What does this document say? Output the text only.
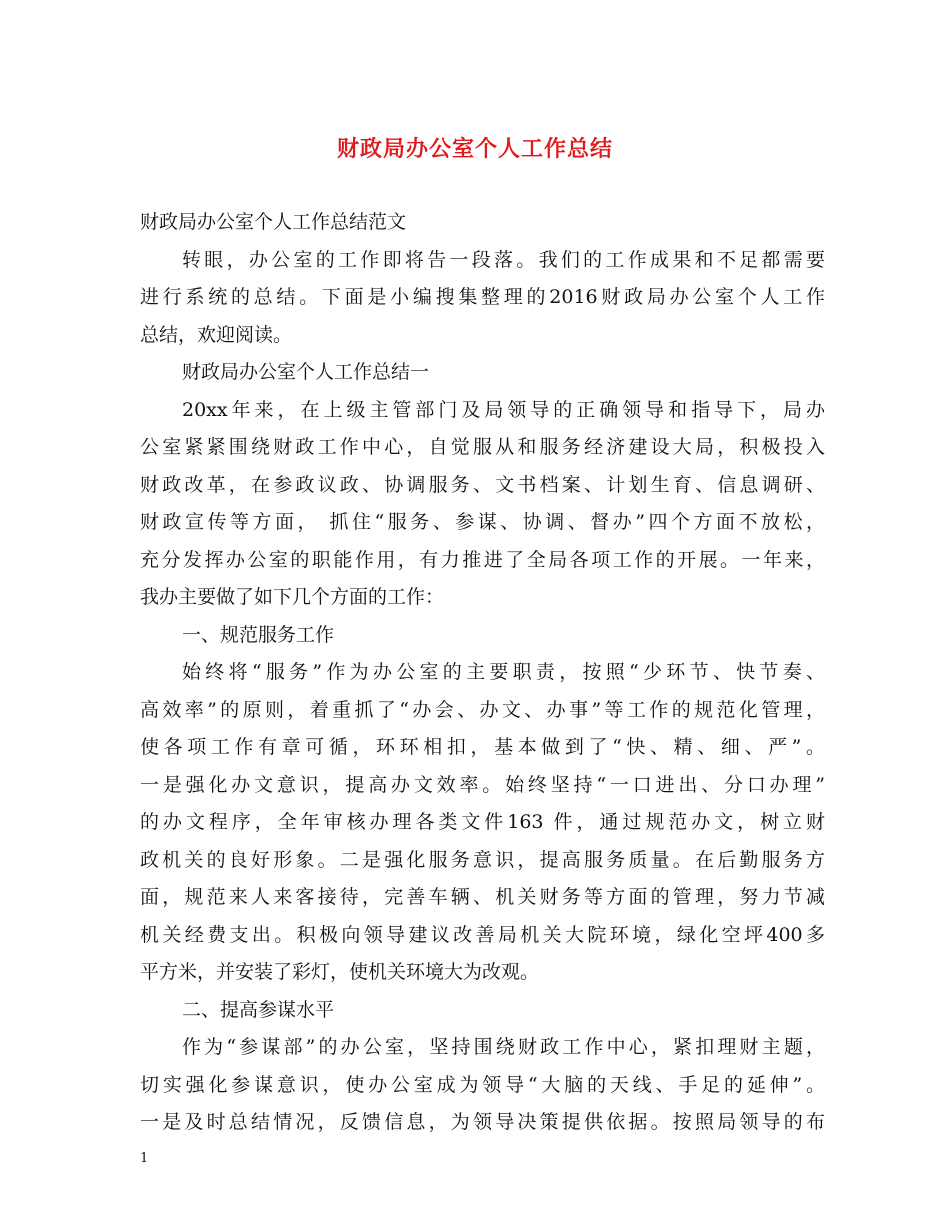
财政局办公室个人工作总结
财政局办公室个人工作总结范文
转眼，办公室的工作即将告一段落。我们的工作成果和不足都需要
进行系统的总结。下面是小编搜集整理的2016财政局办公室个人工作
总结，欢迎阅读。
财政局办公室个人工作总结一
20xx年来，在上级主管部门及局领导的正确领导和指导下，局办
公室紧紧围绕财政工作中心，自觉服从和服务经济建设大局，积极投入
财政改革，在参政议政、协调服务、文书档案、计划生育、信息调研、
财政宣传等方面， 抓住“服务、参谋、协调、督办”四个方面不放松，
充分发挥办公室的职能作用，有力推进了全局各项工作的开展。一年来，
我办主要做了如下几个方面的工作：
一、规范服务工作
始终将“服务”作为办公室的主要职责，按照“少环节、快节奏、
高效率”的原则，着重抓了“办会、办文、办事”等工作的规范化管理，
使各项工作有章可循，环环相扣，基本做到了“快、精、细、严”。
一是强化办文意识，提高办文效率。始终坚持“一口进出、分口办理”
的办文程序，全年审核办理各类文件163 件，通过规范办文，树立财
政机关的良好形象。二是强化服务意识，提高服务质量。在后勤服务方
面，规范来人来客接待，完善车辆、机关财务等方面的管理，努力节减
机关经费支出。积极向领导建议改善局机关大院环境，绿化空坪400多
平方米，并安装了彩灯，使机关环境大为改观。
二、提高参谋水平
作为“参谋部”的办公室，坚持围绕财政工作中心，紧扣理财主题，
切实强化参谋意识，使办公室成为领导“大脑的天线、手足的延伸”。
一是及时总结情况，反馈信息，为领导决策提供依据。按照局领导的布
1
